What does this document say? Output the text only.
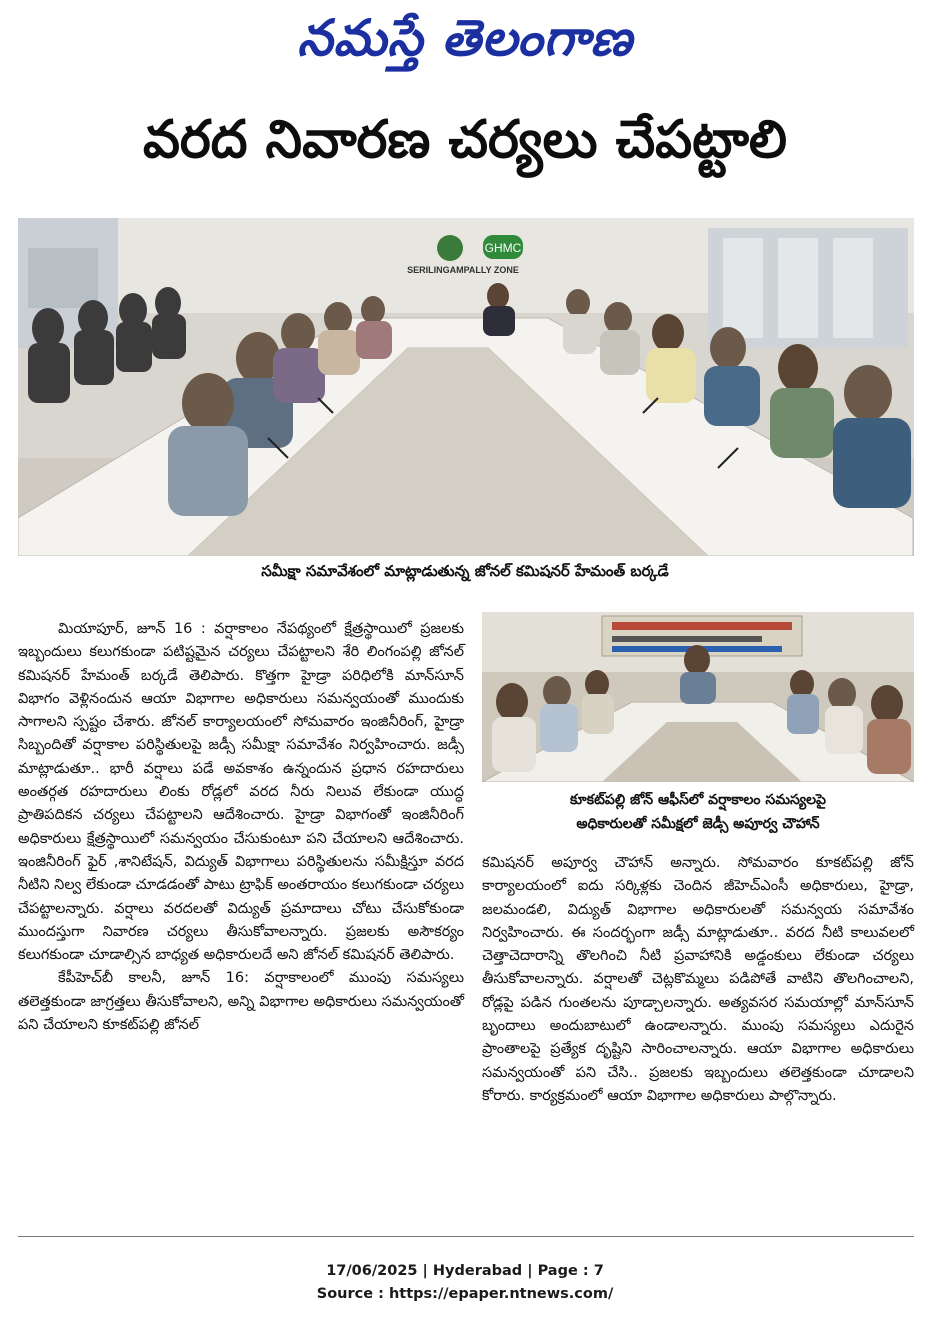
నమస్తే తెలంగాణ
వరద నివారణ చర్యలు చేపట్టాలి
GHMC
SERILINGAMPALLY ZONE
సమీక్షా సమావేశంలో మాట్లాడుతున్న జోనల్ కమిషనర్ హేమంత్ బర్కడే
కూకట్‌పల్లి జోన్ ఆఫీస్‌లో వర్షాకాలం సమస్యలపై
అధికారులతో సమీక్షలో జెడ్సీ అపూర్వ చౌహాన్

మియాపూర్, జూన్ 16 : వర్షాకాలం నేపథ్యంలో క్షేత్రస్థాయిలో ప్రజలకు ఇబ్బందులు కలుగకుండా పటిష్టమైన చర్యలు చేపట్టాలని శేరి లింగంపల్లి జోనల్ కమిషనర్ హేమంత్ బర్కడే తెలిపారు. కొత్తగా హైడ్రా పరిధిలోకి మాన్‌సూన్ విభాగం వెళ్లినందున ఆయా విభాగాల అధికారులు సమన్వయంతో ముందుకు సాగాలని స్పష్టం చేశారు. జోనల్ కార్యాలయంలో సోమవారం ఇంజినీరింగ్, హైడ్రా సిబ్బందితో వర్షాకాల పరిస్థితులపై జడ్సీ సమీక్షా సమావేశం నిర్వహించారు. జడ్సీ మాట్లాడుతూ.. భారీ వర్షాలు పడే అవకాశం ఉన్నందున ప్రధాన రహదారులు అంతర్గత రహదారులు లింకు రోడ్లలో వరద నీరు నిలువ లేకుండా యుద్ధ ప్రాతిపదికన చర్యలు చేపట్టాలని ఆదేశించారు. హైడ్రా విభాగంతో ఇంజినీరింగ్ అధికారులు క్షేత్రస్థాయిలో సమన్వయం చేసుకుంటూ పని చేయాలని ఆదేశించారు. ఇంజినీరింగ్ ఫైర్ ,శానిటేషన్, విద్యుత్ విభాగాలు పరిస్థితులను సమీక్షిస్తూ వరద నీటిని నిల్వ లేకుండా చూడడంతో పాటు ట్రాఫిక్ అంతరాయం కలుగకుండా చర్యలు చేపట్టాలన్నారు. వర్షాలు వరదలతో విద్యుత్ ప్రమాదాలు చోటు చేసుకోకుండా ముందస్తుగా నివారణ చర్యలు తీసుకోవాలన్నారు. ప్రజలకు అసౌకర్యం కలుగకుండా చూడాల్సిన బాధ్యత అధికారులదే అని జోనల్ కమిషనర్ తెలిపారు.

కేపీహెచ్‌బీ కాలనీ, జూన్ 16: వర్షాకాలంలో ముంపు సమస్యలు తలెత్తకుండా జాగ్రత్తలు తీసుకోవాలని, అన్ని విభాగాల అధికారులు సమన్వయంతో పని చేయాలని కూకట్‌పల్లి జోనల్

కమిషనర్ అపూర్వ చౌహాన్ అన్నారు. సోమవారం కూకట్‌పల్లి జోన్ కార్యాలయంలో ఐదు సర్కిళ్లకు చెందిన జీహెచ్‌ఎంసీ అధికారులు, హైడ్రా, జలమండలి, విద్యుత్ విభాగాల అధికారులతో సమన్వయ సమావేశం నిర్వహించారు. ఈ సందర్భంగా జడ్సీ మాట్లాడుతూ.. వరద నీటి కాలువలలో చెత్తాచెదారాన్ని తొలగించి నీటి ప్రవాహానికి అడ్డంకులు లేకుండా చర్యలు తీసుకోవాలన్నారు. వర్షాలతో చెట్లకొమ్మలు పడిపోతే వాటిని తొలగించాలని, రోడ్లపై పడిన గుంతలను పూడ్చాలన్నారు. అత్యవసర సమయాల్లో మాన్‌సూన్ బృందాలు అందుబాటులో ఉండాలన్నారు. ముంపు సమస్యలు ఎదురైన ప్రాంతాలపై ప్రత్యేక దృష్టిని సారించాలన్నారు. ఆయా విభాగాల అధికారులు సమన్వయంతో పని చేసి.. ప్రజలకు ఇబ్బందులు తలెత్తకుండా చూడాలని కోరారు. కార్యక్రమంలో ఆయా విభాగాల అధికారులు పాల్గొన్నారు.

17/06/2025 | Hyderabad | Page : 7
Source : https://epaper.ntnews.com/
